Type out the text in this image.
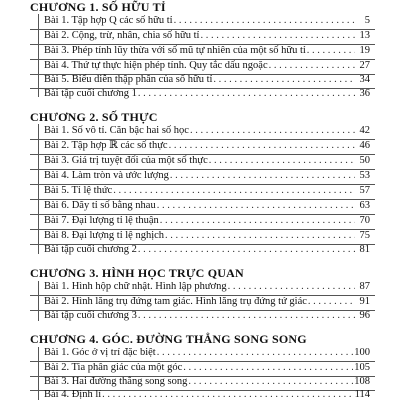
CHƯƠNG 1. SỐ HỮU TỈ
Bài 1. Tập hợp Q các số hữu tỉ . . .	5
Bài 2. Cộng, trừ, nhân, chia số hữu tỉ . . .	13
Bài 3. Phép tính lũy thừa với số mũ tự nhiên của một số hữu tỉ . . .	19
Bài 4. Thứ tự thực hiện phép tính. Quy tắc dấu ngoặc . . .	27
Bài 5. Biểu diễn thập phân của số hữu tỉ . . .	34
Bài tập cuối chương 1 . . .	36
CHƯƠNG 2. SỐ THỰC
Bài 1. Số vô tỉ. Căn bậc hai số học . . .	42
Bài 2. Tập hợp ℝ các số thực . . .	46
Bài 3. Giá trị tuyệt đối của một số thực . . .	50
Bài 4. Làm tròn và ước lượng . . .	53
Bài 5. Tỉ lệ thức . . .	57
Bài 6. Dãy tỉ số bằng nhau . . .	63
Bài 7. Đại lượng tỉ lệ thuận . . .	70
Bài 8. Đại lượng tỉ lệ nghịch . . .	75
Bài tập cuối chương 2 . . .	81
CHƯƠNG 3. HÌNH HỌC TRỰC QUAN
Bài 1. Hình hộp chữ nhật. Hình lập phương . . .	87
Bài 2. Hình lăng trụ đứng tam giác. Hình lăng trụ đứng tứ giác . . .	91
Bài tập cuối chương 3 . . .	96
CHƯƠNG 4. GÓC. ĐƯỜNG THẲNG SONG SONG
Bài 1. Góc ở vị trí đặc biệt . . .	100
Bài 2. Tia phân giác của một góc . . .	105
Bài 3. Hai đường thẳng song song . . .	108
Bài 4. Định lí . . .	114
